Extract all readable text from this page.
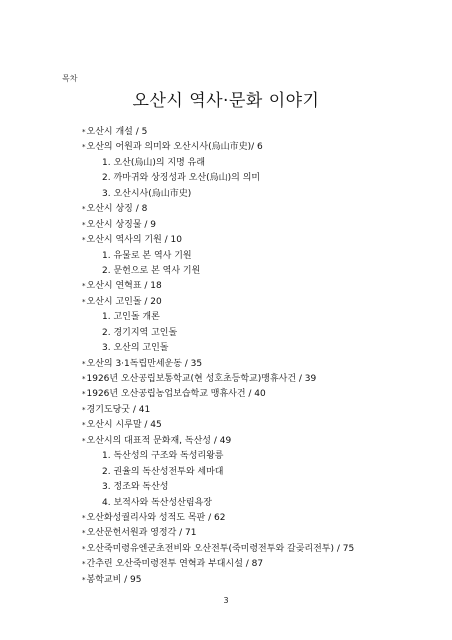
목차
오산시 역사·문화 이야기
*오산시 개설 / 5
*오산의 어원과 의미와 오산시사(烏山市史)/ 6
1. 오산(烏山)의 지명 유래
2. 까마귀와 상징성과 오산(烏山)의 의미
3. 오산시사(烏山市史)
*오산시 상징 / 8
*오산시 상징물 / 9
*오산시 역사의 기원 / 10
1. 유물로 본 역사 기원
2. 문헌으로 본 역사 기원
*오산시 연혁표 / 18
*오산시 고인돌 / 20
1. 고인돌 개론
2. 경기지역 고인돌
3. 오산의 고인돌
*오산의 3·1독립만세운동 / 35
*1926년 오산공립보통학교(현 성호초등학교)맹휴사건 / 39
*1926년 오산공립농업보습학교 맹휴사건 / 40
*경기도당굿 / 41
*오산시 시루말 / 45
*오산시의 대표적 문화재, 독산성 / 49
1. 독산성의 구조와 독성리왕릉
2. 권율의 독산성전투와 세마대
3. 정조와 독산성
4. 보적사와 독산성산림욕장
*오산화성궐리사와 성적도 목판 / 62
*오산문헌서원과 영정각 / 71
*오산죽미령유엔군초전비와 오산전투(죽미령전투와 갈곶리전투) / 75
*간추린 오산죽미령전투 연혁과 부대시설 / 87
*봉학교비 / 95
3
